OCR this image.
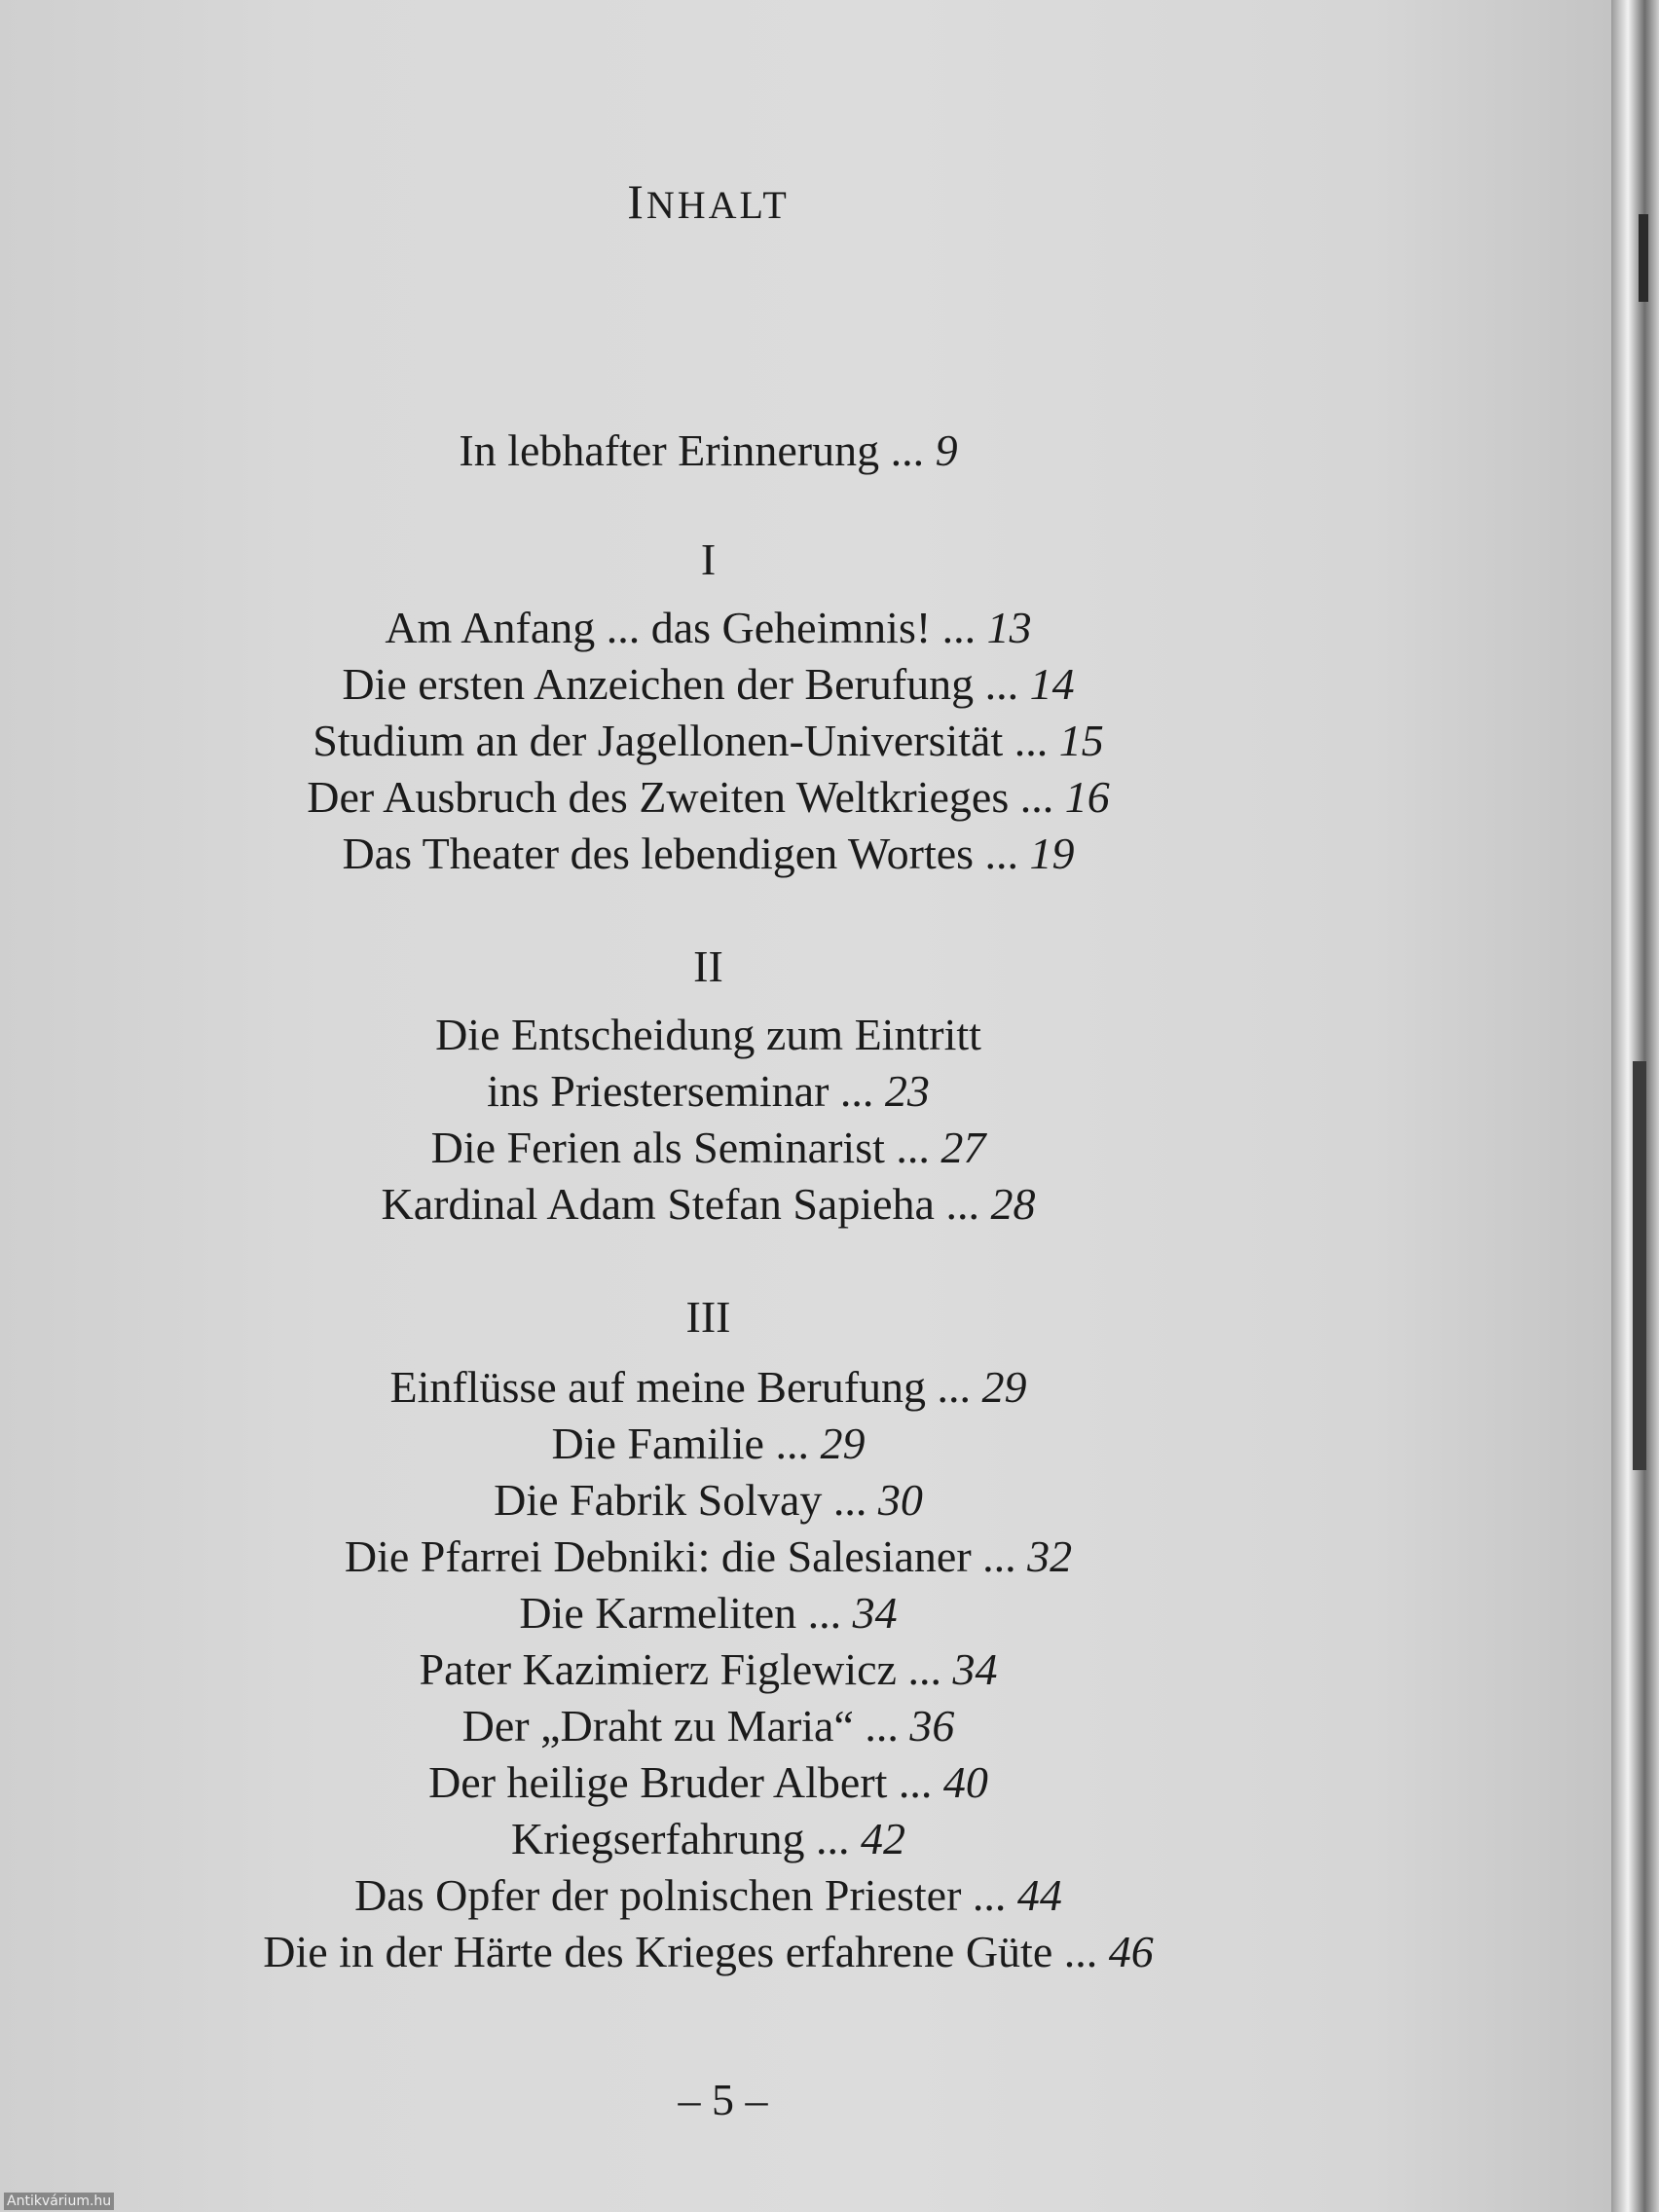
INHALT
In lebhafter Erinnerung ... 9
I
Am Anfang ... das Geheimnis! ... 13
Die ersten Anzeichen der Berufung ... 14
Studium an der Jagellonen-Universität ... 15
Der Ausbruch des Zweiten Weltkrieges ... 16
Das Theater des lebendigen Wortes ... 19
II
Die Entscheidung zum Eintritt
ins Priesterseminar ... 23
Die Ferien als Seminarist ... 27
Kardinal Adam Stefan Sapieha ... 28
III
Einflüsse auf meine Berufung ... 29
Die Familie ... 29
Die Fabrik Solvay ... 30
Die Pfarrei Debniki: die Salesianer ... 32
Die Karmeliten ... 34
Pater Kazimierz Figlewicz ... 34
Der „Draht zu Maria“ ... 36
Der heilige Bruder Albert ... 40
Kriegserfahrung ... 42
Das Opfer der polnischen Priester ... 44
Die in der Härte des Krieges erfahrene Güte ... 46
– 5 –
Antikvárium.hu
